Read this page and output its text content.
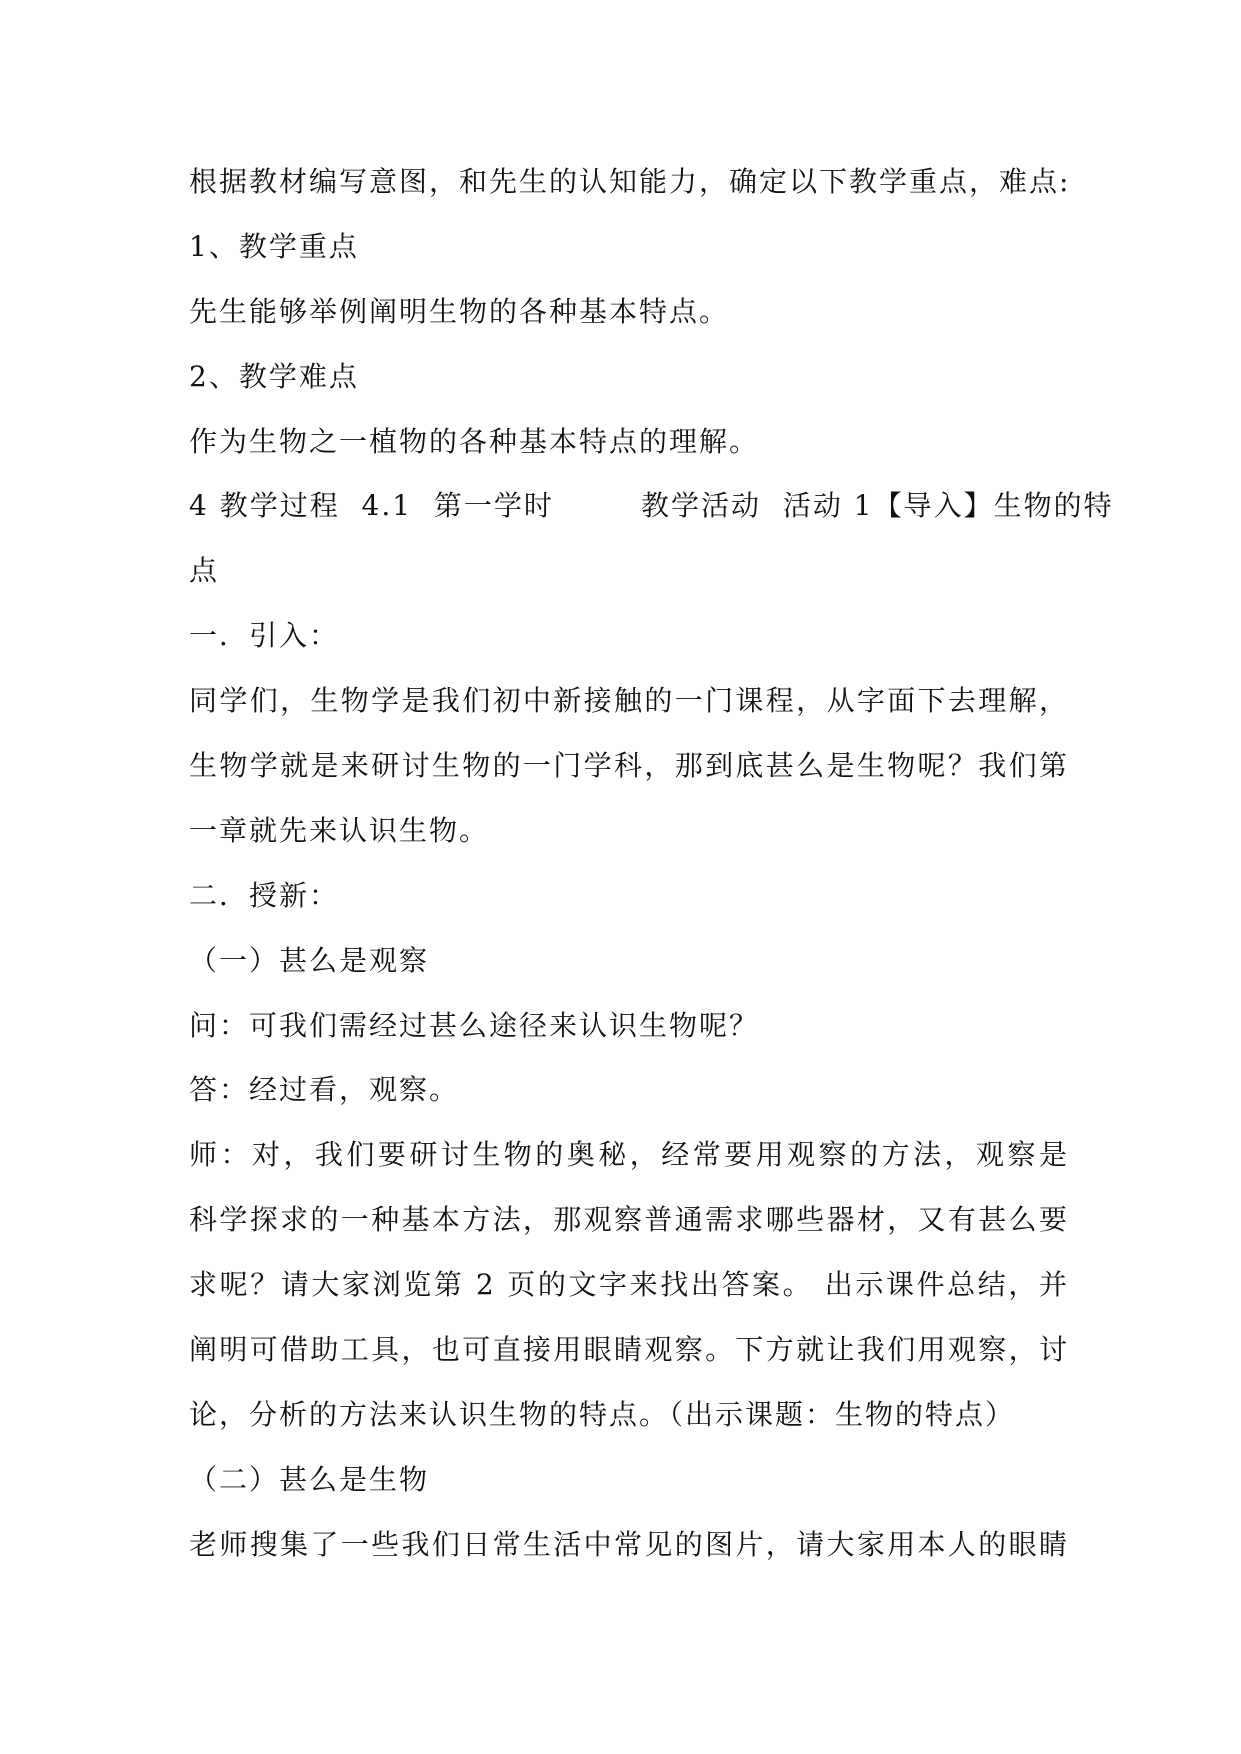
根据教材编写意图，和先生的认知能力，确定以下教学重点，难点:
1、教学重点
先生能够举例阐明生物的各种基本特点。
2、教学难点
作为生物之一植物的各种基本特点的理解。
4 教学过程  4.1  第一学时        教学活动  活动 1【导入】生物的特
点
一．引入：
同学们，生物学是我们初中新接触的一门课程，从字面下去理解，
生物学就是来研讨生物的一门学科，那到底甚么是生物呢？我们第
一章就先来认识生物。
二．授新：
（一）甚么是观察
问：可我们需经过甚么途径来认识生物呢？
答：经过看，观察。
师：对，我们要研讨生物的奥秘，经常要用观察的方法，观察是
科学探求的一种基本方法，那观察普通需求哪些器材，又有甚么要
求呢？请大家浏览第 2 页的文字来找出答案。 出示课件总结，并
阐明可借助工具，也可直接用眼睛观察。下方就让我们用观察，讨
论，分析的方法来认识生物的特点。（出示课题：生物的特点）
（二）甚么是生物
老师搜集了一些我们日常生活中常见的图片，请大家用本人的眼睛
